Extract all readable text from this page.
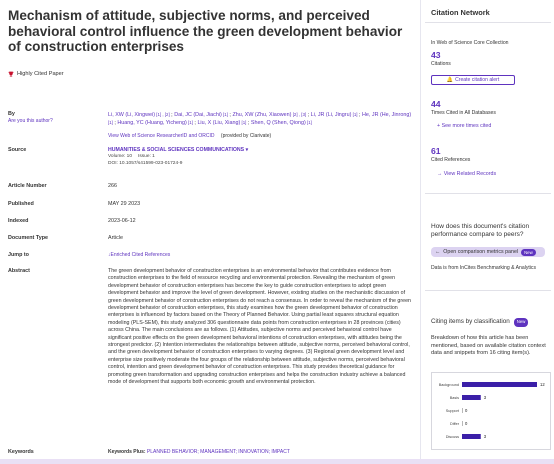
Mechanism of attitude, subjective norms, and perceived behavioral control influence the green development behavior of construction enterprises
Highly Cited Paper
By
Are you this author?
Li, XW (Li, Xingwei) [1] , [2] ; Dai, JC (Dai, Jiachi) [1] ; Zhu, XW (Zhu, Xiaowen) [2] , [3] ; Li, JR (Li, Jingru) [1] ; He, JR (He, Jinrong) [1] ; Huang, YC (Huang, Yicheng) [1] ; Liu, X (Liu, Xiang) [1] ; Shen, Q (Shen, Qiong) [1]
View Web of Science ResearcherID and ORCID (provided by Clarivate)
Source	HUMANITIES & SOCIAL SCIENCES COMMUNICATIONS ▾
Volume: 10 Issue: 1
DOI: 10.1057/s41599-023-01724-9
Article Number	266
Published	MAY 29 2023
Indexed	2023-06-12
Document Type	Article
Jump to	↓Enriched Cited References
Abstract	The green development behavior of construction enterprises is an environmental behavior that contributes evidence from construction enterprises to the field of resource recycling and environmental protection. Revealing the mechanism of green development behavior of construction enterprises has become the key to guide construction enterprises to adopt green development behavior and improve the level of green development. However, existing studies on the mechanistic discussion of green development behavior of construction enterprises do not reach a consensus. In order to reveal the mechanism of the green development behavior of construction enterprises, this study examines how the green development behavior of construction enterprises is influenced by factors based on the Theory of Planned Behavior. Using partial least squares structural equation modeling (PLS-SEM), this study analyzed 306 questionnaire data points from construction enterprises in 28 provinces (cities) across China. The main conclusions are as follows. (1) Attitudes, subjective norms and perceived behavioral control have significant positive effects on the green development behavioral intentions of construction enterprises, with attitudes being the strongest predictor. (2) Intention intermediates the relationships between attitude, subjective norms, perceived behavioral control, and the green development behavior of construction enterprises to varying degrees. (3) Regional green development level and enterprise size positively moderate the four groups of the relationship between attitude, subjective norms, perceived behavioral control, intention and green development behavior of construction enterprises. This study provides theoretical guidance for promoting green transformation and upgrading construction enterprises and helps the construction industry achieve a balanced mode of development that supports both economic growth and environmental protection.
Keywords	Keywords Plus: PLANNED BEHAVIOR; MANAGEMENT; INNOVATION; IMPACT
Citation Network
In Web of Science Core Collection
43
Citations
🔔 Create citation alert
44
Times Cited in All Databases
+ See more times cited
61
Cited References
→ View Related Records
How does this document's citation performance compare to peers?
← Open comparison metrics panel	New
Data is from InCites Benchmarking & Analytics
Citing items by classification	New
Breakdown of how this article has been mentioned, based on available citation context data and snippets from 16 citing item(s).
Background	12
Basis	3
Support 0
Differ 0
Discuss	3
